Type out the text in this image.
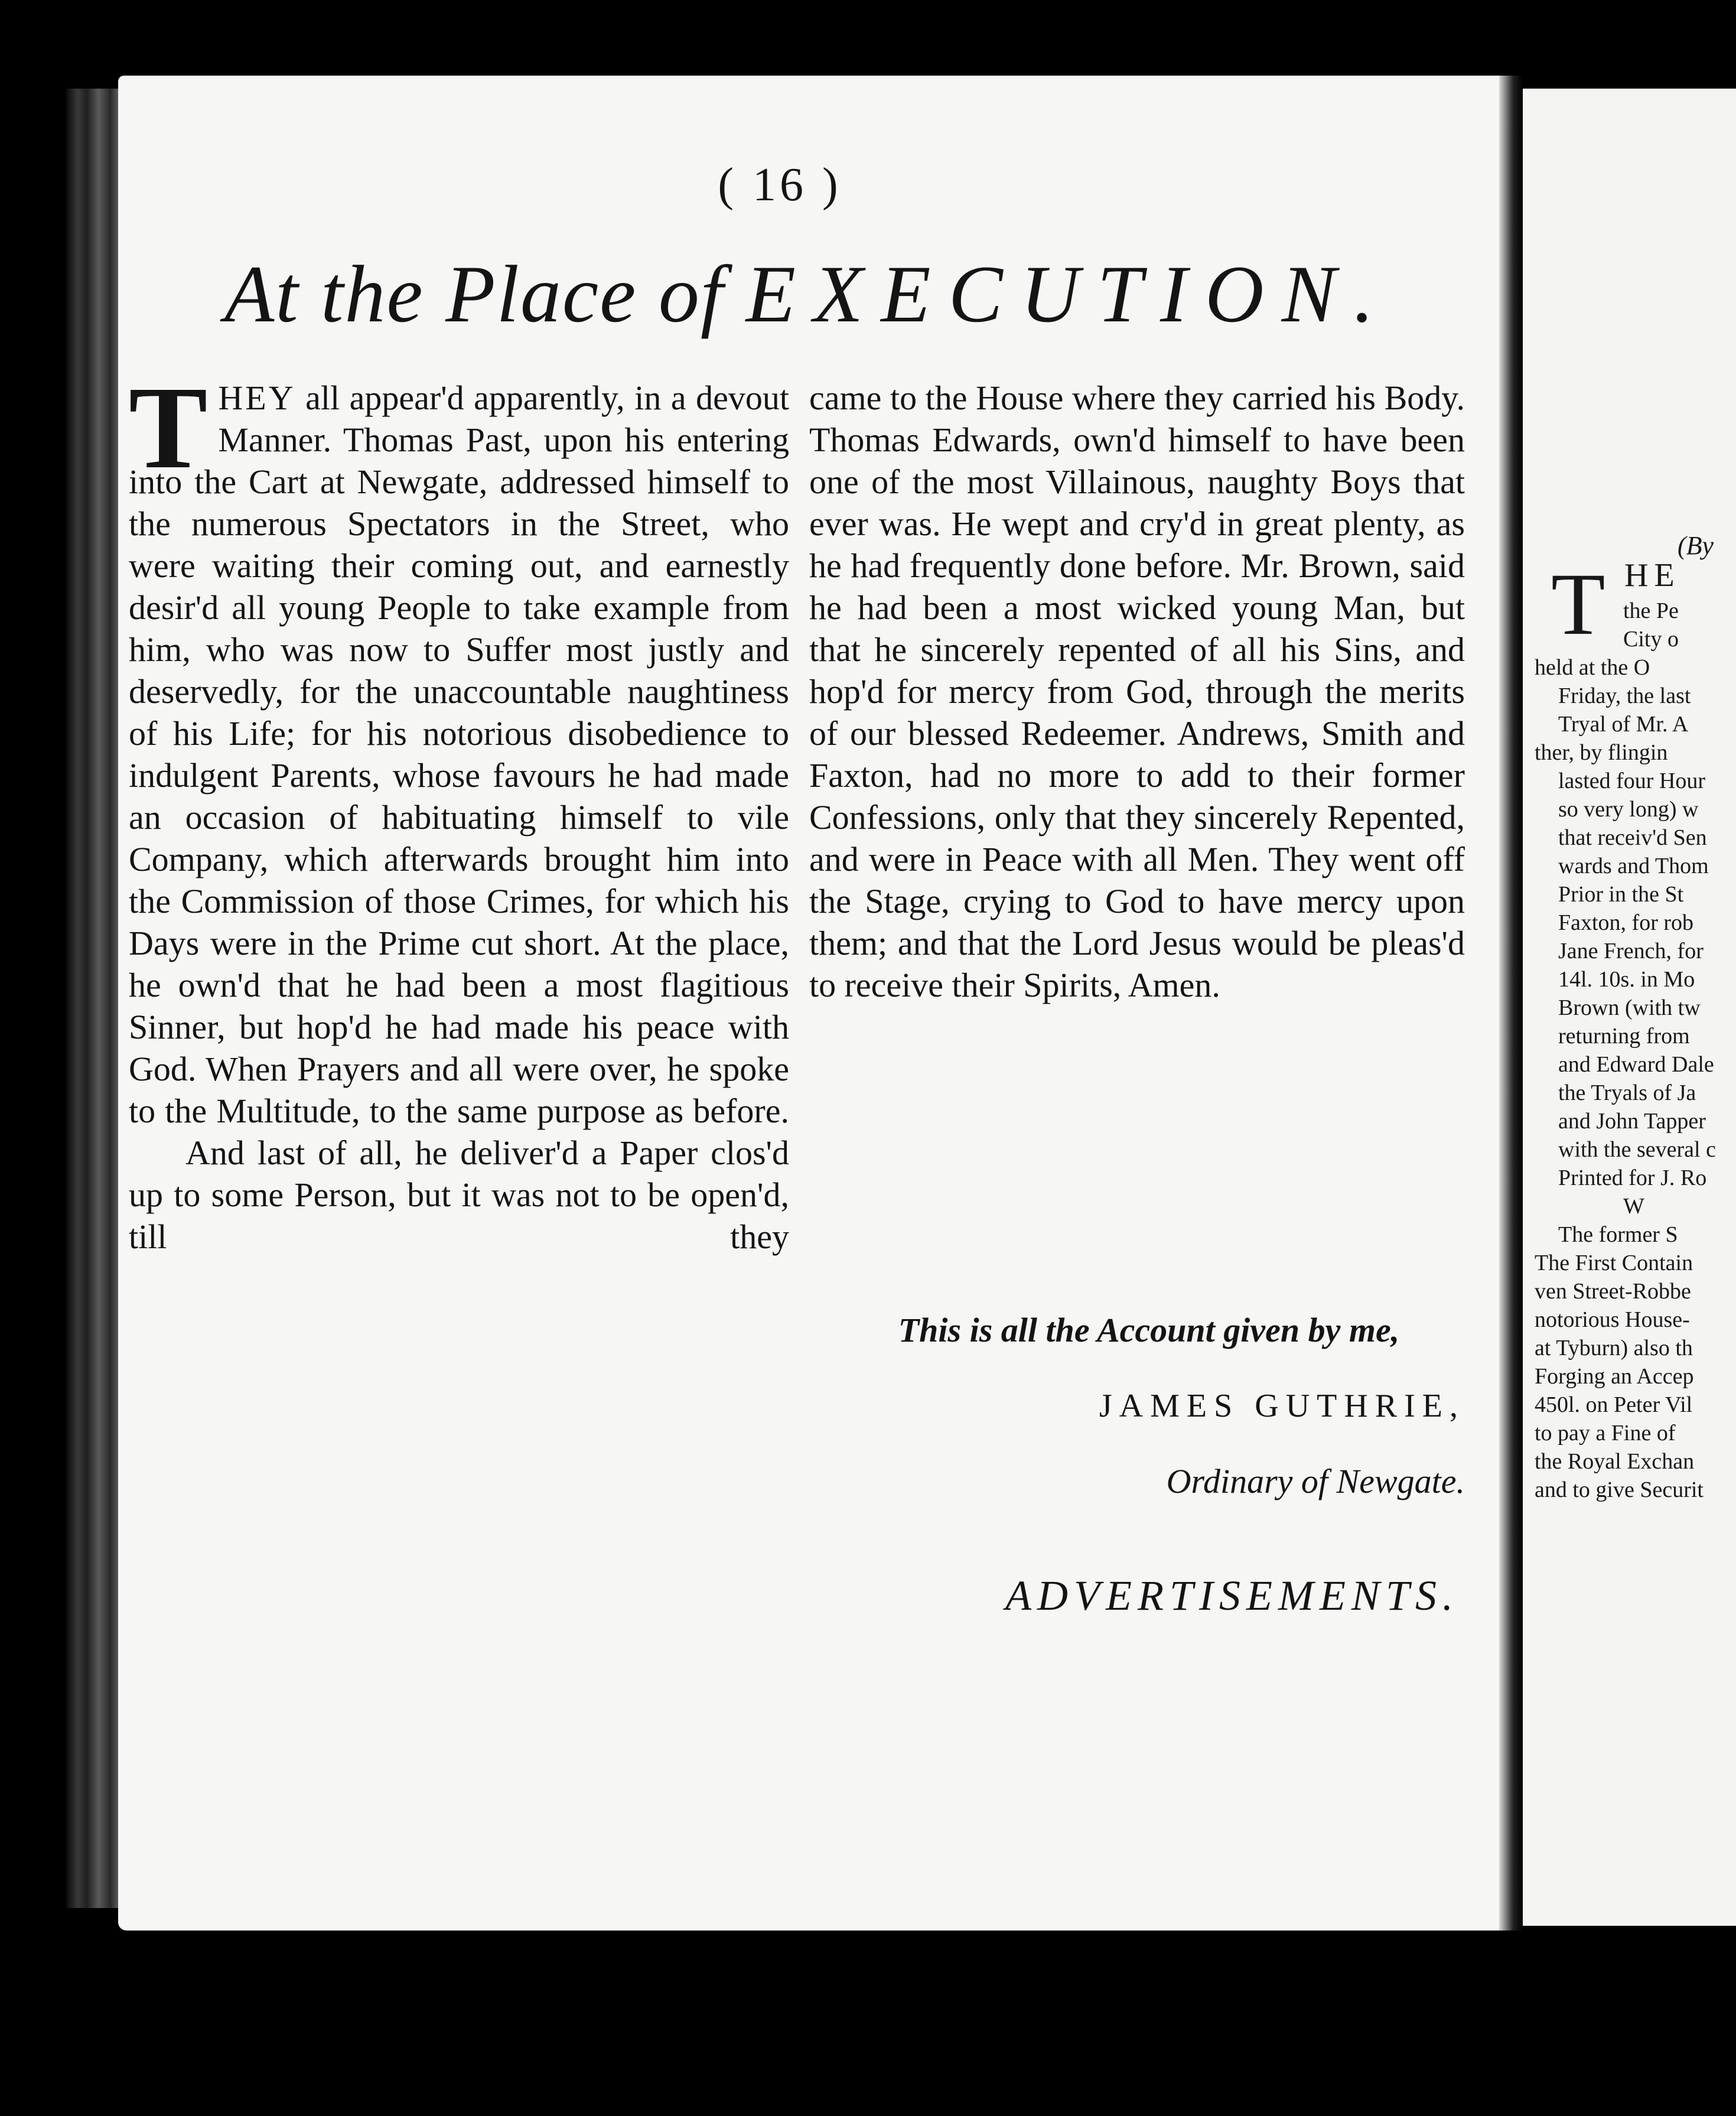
( 16 )
At the Place of EXECUTION.

T HEY all appear'd apparently, in a devout Manner. Thomas Past, upon his entering into the Cart at Newgate, addressed himself to the numerous Spectators in the Street, who were waiting their coming out, and earnestly desir'd all young People to take example from him, who was now to Suffer most justly and deservedly, for the unaccountable naughtiness of his Life; for his notorious disobedience to indulgent Parents, whose favours he had made an occasion of habituating himself to vile Company, which afterwards brought him into the Commission of those Crimes, for which his Days were in the Prime cut short. At the place, he own'd that he had been a most flagitious Sinner, but hop'd he had made his peace with God. When Prayers and all were over, he spoke to the Multitude, to the same purpose as before.

And last of all, he deliver'd a Paper clos'd up to some Person, but it was not to be open'd, till they

came to the House where they carried his Body. Thomas Edwards, own'd himself to have been one of the most Villainous, naughty Boys that ever was. He wept and cry'd in great plenty, as he had frequently done before. Mr. Brown, said he had been a most wicked young Man, but that he sincerely repented of all his Sins, and hop'd for mercy from God, through the merits of our blessed Redeemer. Andrews, Smith and Faxton, had no more to add to their former Confessions, only that they sincerely Repented, and were in Peace with all Men. They went off the Stage, crying to God to have mercy upon them; and that the Lord Jesus would be pleas'd to receive their Spirits, Amen.

This is all the Account given by me,
JAMES GUTHRIE,
Ordinary of Newgate.
ADVERTISEMENTS.
(By
T HE
the Pe
City o
held at the O
Friday, the last
Tryal of Mr. A
ther, by flingin
lasted four Hour
so very long) w
that receiv'd Sen
wards and Thom
Prior in the St
Faxton, for rob
Jane French, for
14l. 10s. in Mo
Brown (with tw
returning from
and Edward Dale
the Tryals of Ja
and John Tapper
with the several c
Printed for J. Ro
W
The former S
The First Contain
ven Street-Robbe
notorious House-
at Tyburn) also th
Forging an Accep
450l. on Peter Vil
to pay a Fine of
the Royal Exchan
and to give Securit
